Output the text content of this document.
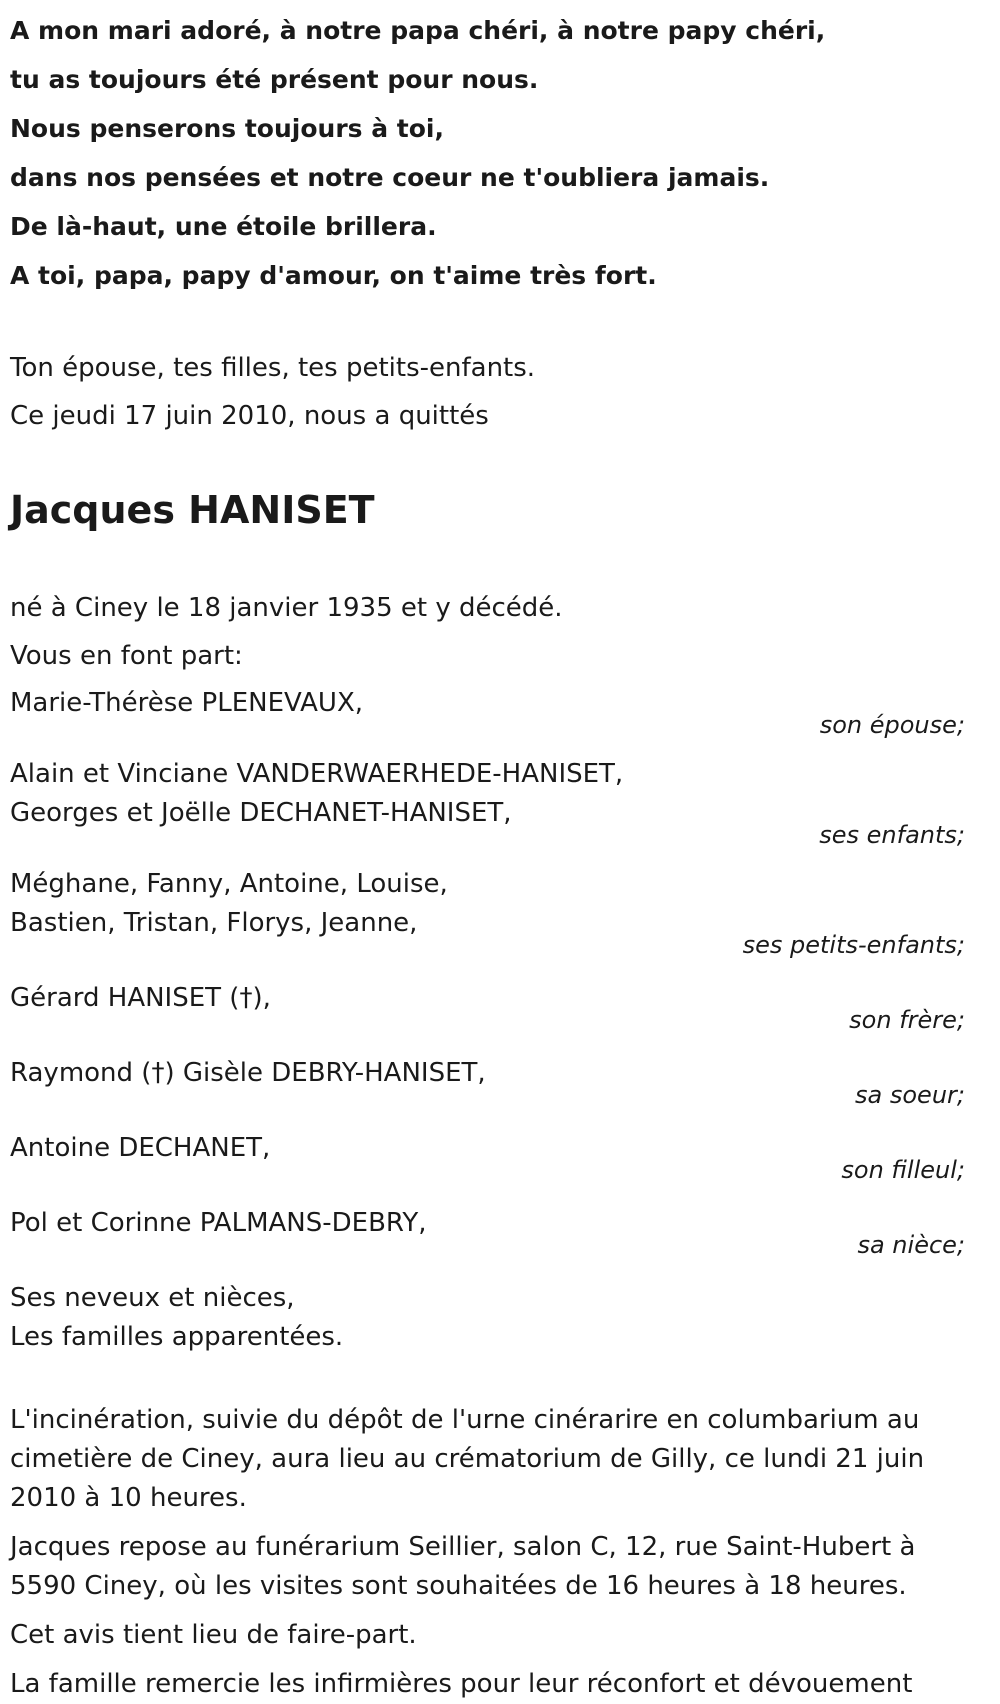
A mon mari adoré, à notre papa chéri, à notre papy chéri,

tu as toujours été présent pour nous.

Nous penserons toujours à toi,

dans nos pensées et notre coeur ne t'oubliera jamais.

De là-haut, une étoile brillera.

A toi, papa, papy d'amour, on t'aime très fort.

Ton épouse, tes filles, tes petits-enfants.

Ce jeudi 17 juin 2010, nous a quittés

Jacques HANISET

né à Ciney le 18 janvier 1935 et y décédé.

Vous en font part:

Marie-Thérèse PLENEVAUX,
son épouse;
Alain et Vinciane VANDERWAERHEDE-HANISET,
Georges et Joëlle DECHANET-HANISET,
ses enfants;
Méghane, Fanny, Antoine, Louise,
Bastien, Tristan, Florys, Jeanne,
ses petits-enfants;
Gérard HANISET (†),
son frère;
Raymond (†) Gisèle DEBRY-HANISET,
sa soeur;
Antoine DECHANET,
son filleul;
Pol et Corinne PALMANS-DEBRY,
sa nièce;
Ses neveux et nièces,
Les familles apparentées.

L'incinération, suivie du dépôt de l'urne cinérarire en columbarium au cimetière de Ciney, aura lieu au crématorium de Gilly, ce lundi 21 juin 2010 à 10 heures.

Jacques repose au funérarium Seillier, salon C, 12, rue Saint-Hubert à 5590 Ciney, où les visites sont souhaitées de 16 heures à 18 heures.

Cet avis tient lieu de faire-part.

La famille remercie les infirmières pour leur réconfort et dévouement
